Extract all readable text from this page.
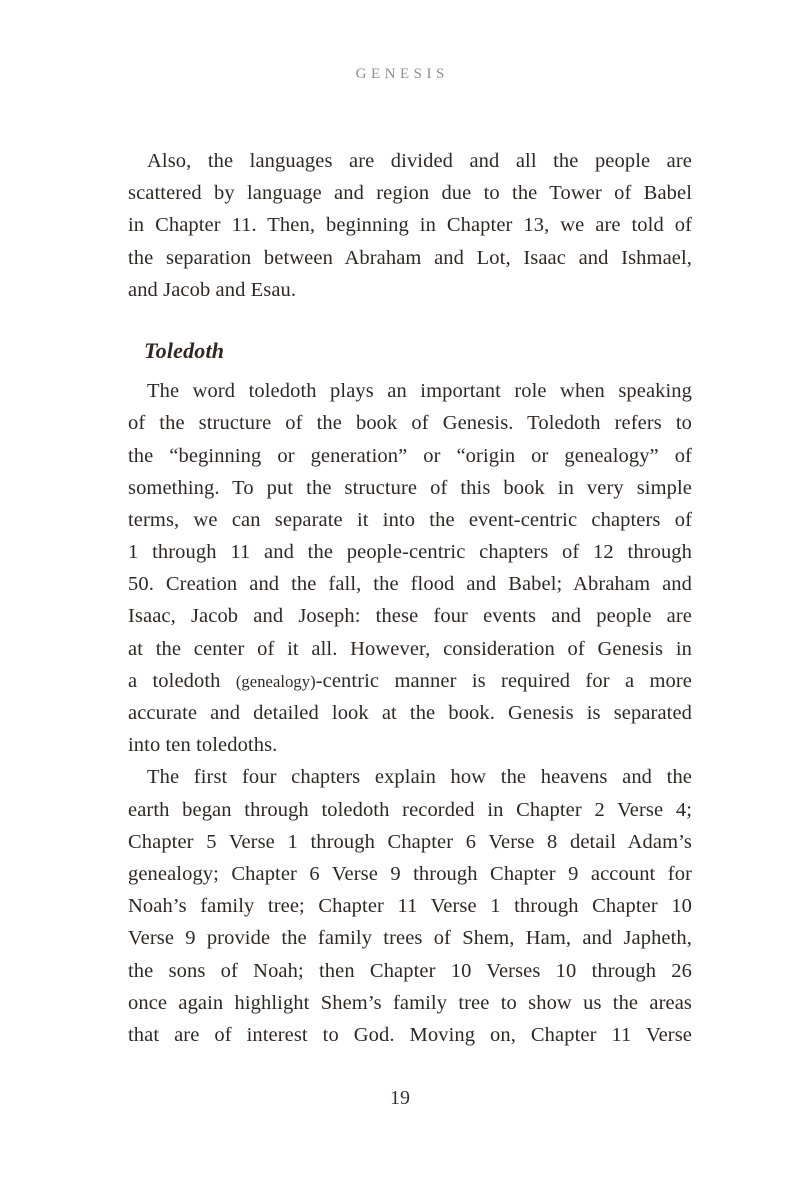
GENESIS
Also, the languages are divided and all the people are
scattered by language and region due to the Tower of Babel
in Chapter 11. Then, beginning in Chapter 13, we are told of
the separation between Abraham and Lot, Isaac and Ishmael,
and Jacob and Esau.
Toledoth
The word toledoth plays an important role when speaking
of the structure of the book of Genesis. Toledoth refers to
the “beginning or generation” or “origin or genealogy” of
something. To put the structure of this book in very simple
terms, we can separate it into the event-centric chapters of
1 through 11 and the people-centric chapters of 12 through
50. Creation and the fall, the flood and Babel; Abraham and
Isaac, Jacob and Joseph: these four events and people are
at the center of it all. However, consideration of Genesis in
a toledoth (genealogy)-centric manner is required for a more
accurate and detailed look at the book. Genesis is separated
into ten toledoths.
The first four chapters explain how the heavens and the
earth began through toledoth recorded in Chapter 2 Verse 4;
Chapter 5 Verse 1 through Chapter 6 Verse 8 detail Adam’s
genealogy; Chapter 6 Verse 9 through Chapter 9 account for
Noah’s family tree; Chapter 11 Verse 1 through Chapter 10
Verse 9 provide the family trees of Shem, Ham, and Japheth,
the sons of Noah; then Chapter 10 Verses 10 through 26
once again highlight Shem’s family tree to show us the areas
that are of interest to God. Moving on, Chapter 11 Verse
19
